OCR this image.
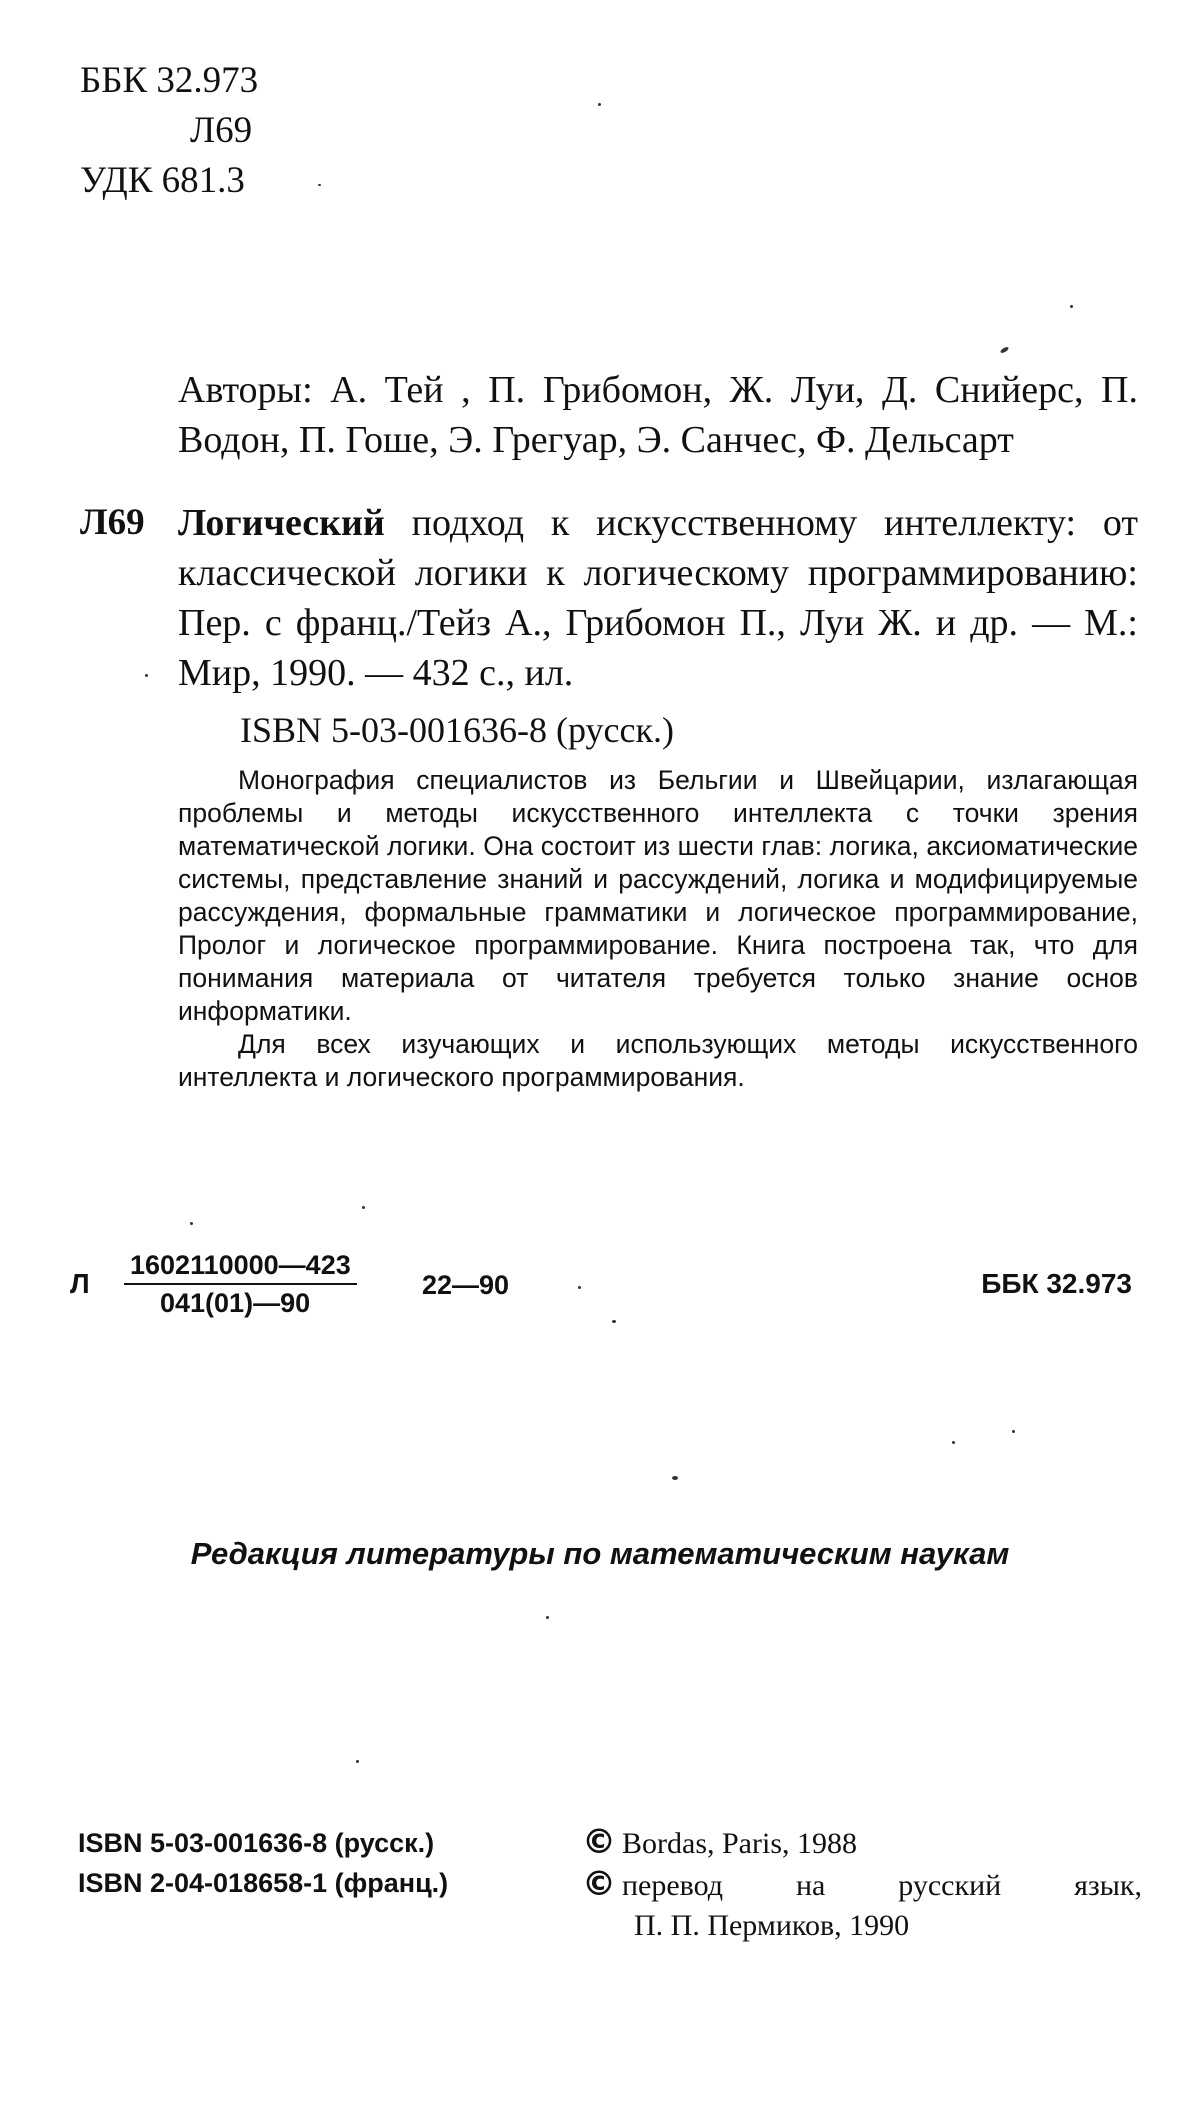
ББК 32.973
Л69
УДК 681.3
Авторы: А. Тей , П. Грибомон, Ж. Луи, Д. Снийерс, П. Водон, П. Гоше, Э. Грегуар, Э. Санчес, Ф. Дельсарт
Л69 Логический подход к искусственному интеллекту: от классической логики к логическому программированию: Пер. с франц./Тейз А., Грибомон П., Луи Ж. и др. — М.: Мир, 1990. — 432 с., ил.
ISBN 5-03-001636-8 (русск.)

Монография специалистов из Бельгии и Швейцарии, излагающая проблемы и методы искусственного интеллекта с точки зрения математической логики. Она состоит из шести глав: логика, аксиоматические системы, представление знаний и рассуждений, логика и модифицируемые рассуждения, формальные грамматики и логическое программирование, Пролог и логическое программирование. Книга построена так, что для понимания материала от читателя требуется только знание основ информатики.

Для всех изучающих и использующих методы искусственного интеллекта и логического программирования.

Л $\frac{1602110000—423}{041(01)—90}$ 22—90	ББК 32.973
Редакция литературы по математическим наукам
ISBN 5-03-001636-8 (русск.)
ISBN 2-04-018658-1 (франц.)
© Bordas, Paris, 1988
© перевод на русский язык,
П. П. Пермиков, 1990
